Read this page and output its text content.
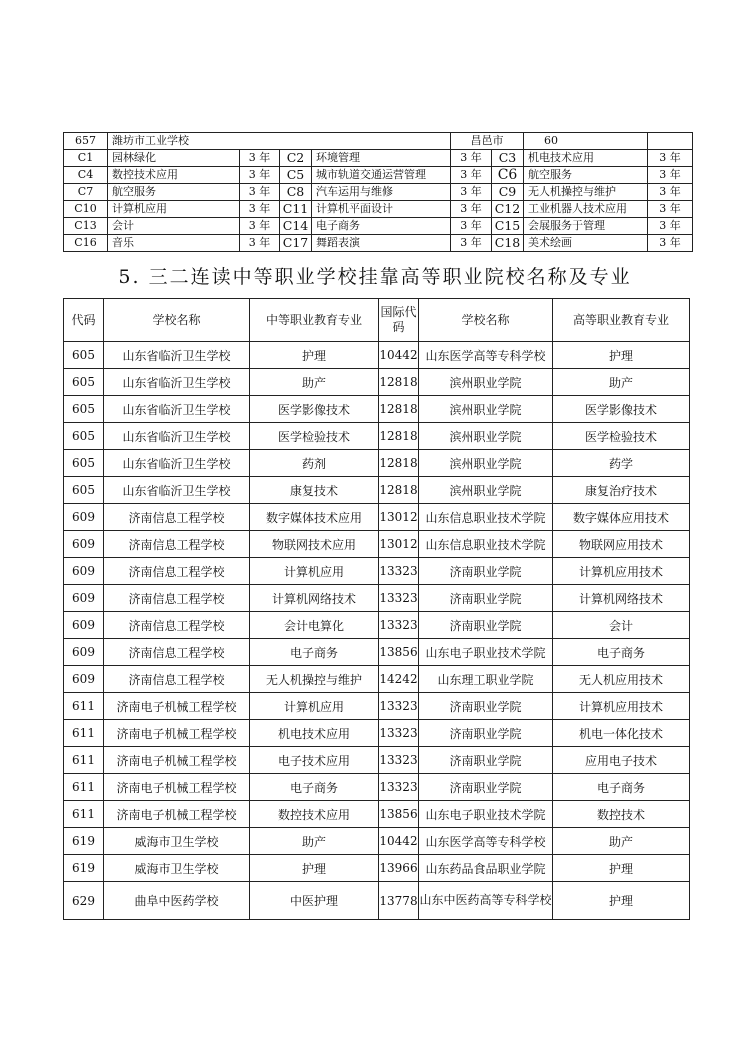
657	潍坊市工业学校				昌邑市		60	
C1	园林绿化	3 年	C2	环境管理	3 年	C3	机电技术应用	3 年
C4	数控技术应用	3 年	C5	城市轨道交通运营管理	3 年	C6	航空服务	3 年
C7	航空服务	3 年	C8	汽车运用与维修	3 年	C9	无人机操控与维护	3 年
C10	计算机应用	3 年	C11	计算机平面设计	3 年	C12	工业机器人技术应用	3 年
C13	会计	3 年	C14	电子商务	3 年	C15	会展服务于管理	3 年
C16	音乐	3 年	C17	舞蹈表演	3 年	C18	美术绘画	3 年
5. 三二连读中等职业学校挂靠高等职业院校名称及专业
代码	学校名称	中等职业教育专业	国际代码	学校名称	高等职业教育专业
605	山东省临沂卫生学校	护理	10442	山东医学高等专科学校	护理
605	山东省临沂卫生学校	助产	12818	滨州职业学院	助产
605	山东省临沂卫生学校	医学影像技术	12818	滨州职业学院	医学影像技术
605	山东省临沂卫生学校	医学检验技术	12818	滨州职业学院	医学检验技术
605	山东省临沂卫生学校	药剂	12818	滨州职业学院	药学
605	山东省临沂卫生学校	康复技术	12818	滨州职业学院	康复治疗技术
609	济南信息工程学校	数字媒体技术应用	13012	山东信息职业技术学院	数字媒体应用技术
609	济南信息工程学校	物联网技术应用	13012	山东信息职业技术学院	物联网应用技术
609	济南信息工程学校	计算机应用	13323	济南职业学院	计算机应用技术
609	济南信息工程学校	计算机网络技术	13323	济南职业学院	计算机网络技术
609	济南信息工程学校	会计电算化	13323	济南职业学院	会计
609	济南信息工程学校	电子商务	13856	山东电子职业技术学院	电子商务
609	济南信息工程学校	无人机操控与维护	14242	山东理工职业学院	无人机应用技术
611	济南电子机械工程学校	计算机应用	13323	济南职业学院	计算机应用技术
611	济南电子机械工程学校	机电技术应用	13323	济南职业学院	机电一体化技术
611	济南电子机械工程学校	电子技术应用	13323	济南职业学院	应用电子技术
611	济南电子机械工程学校	电子商务	13323	济南职业学院	电子商务
611	济南电子机械工程学校	数控技术应用	13856	山东电子职业技术学院	数控技术
619	威海市卫生学校	助产	10442	山东医学高等专科学校	助产
619	威海市卫生学校	护理	13966	山东药品食品职业学院	护理
629	曲阜中医药学校	中医护理	13778	山东中医药高等专科学校	护理
